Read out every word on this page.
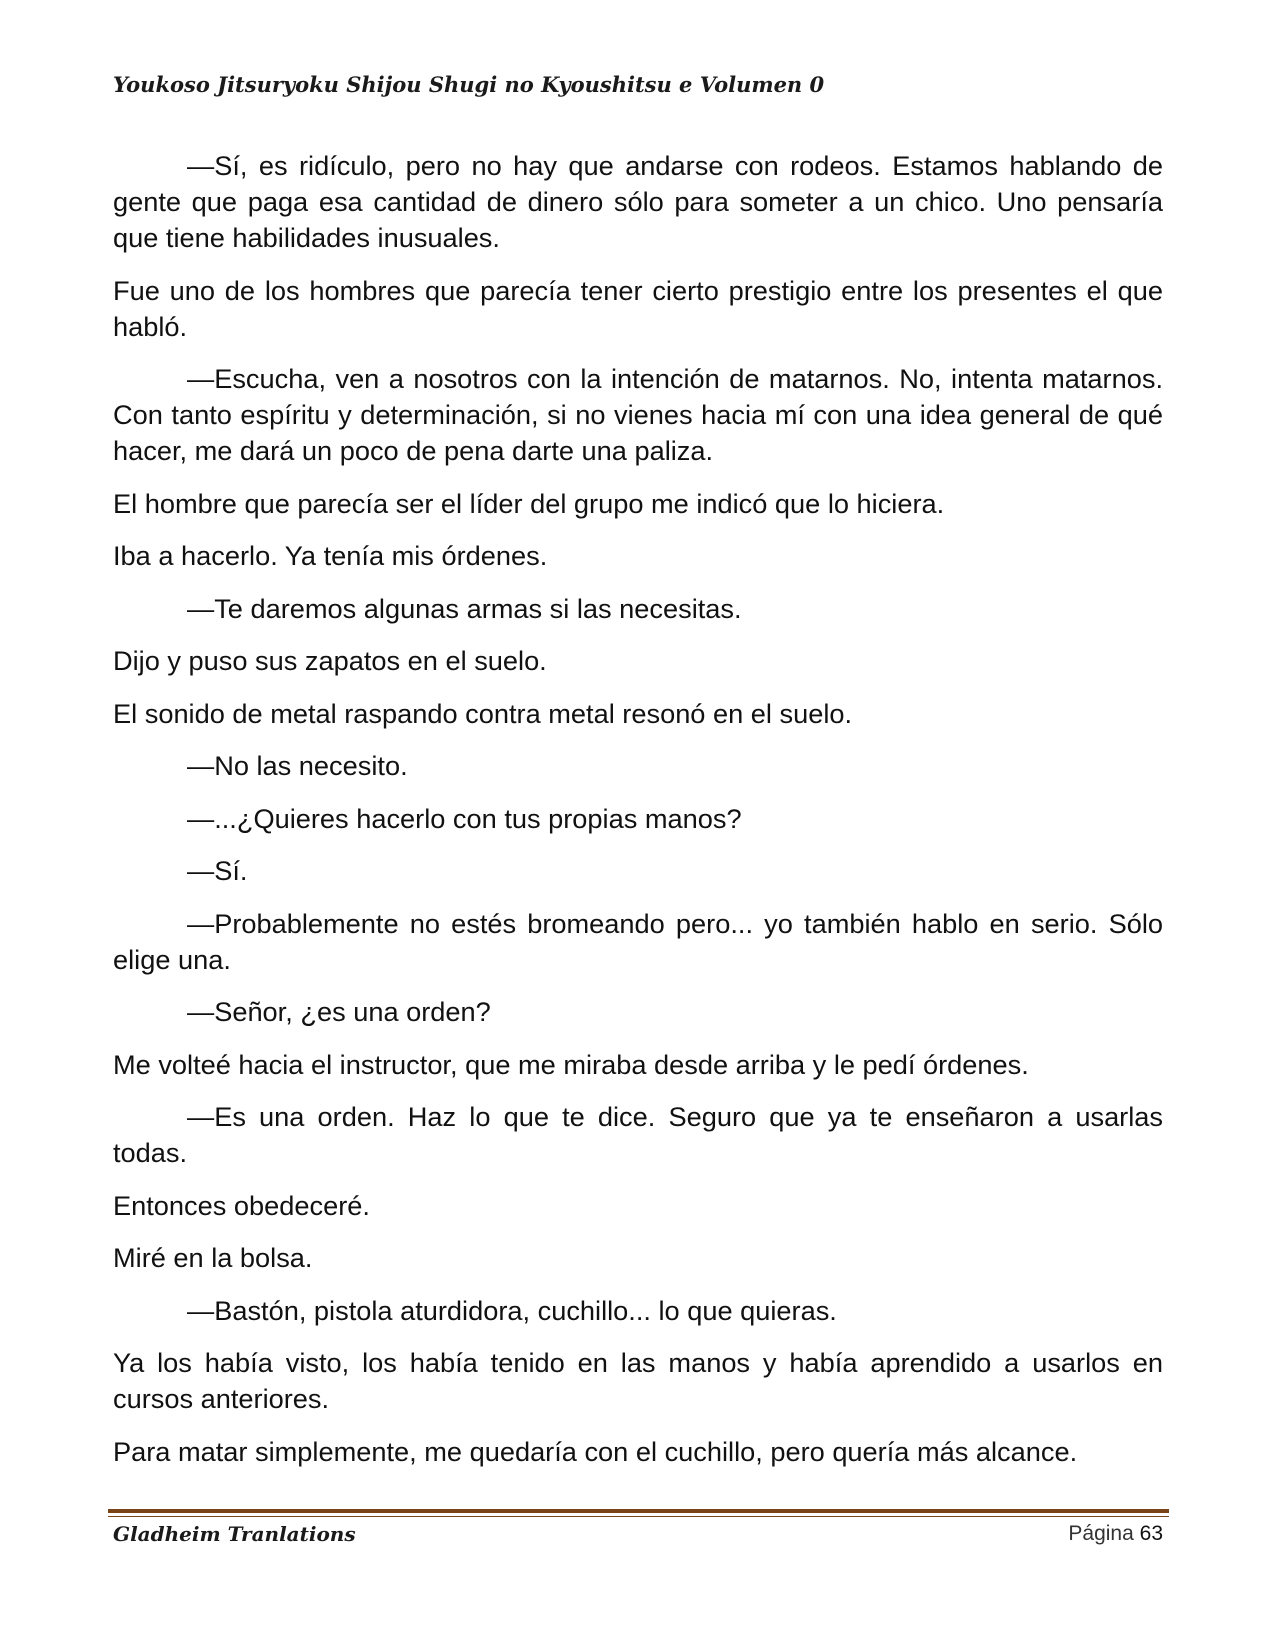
Youkoso Jitsuryoku Shijou Shugi no Kyoushitsu e Volumen 0

—Sí, es ridículo, pero no hay que andarse con rodeos. Estamos hablando de gente que paga esa cantidad de dinero sólo para someter a un chico. Uno pensaría que tiene habilidades inusuales.

Fue uno de los hombres que parecía tener cierto prestigio entre los presentes el que habló.

—Escucha, ven a nosotros con la intención de matarnos. No, intenta matarnos. Con tanto espíritu y determinación, si no vienes hacia mí con una idea general de qué hacer, me dará un poco de pena darte una paliza.

El hombre que parecía ser el líder del grupo me indicó que lo hiciera.

Iba a hacerlo. Ya tenía mis órdenes.

—Te daremos algunas armas si las necesitas.

Dijo y puso sus zapatos en el suelo.

El sonido de metal raspando contra metal resonó en el suelo.

—No las necesito.

—...¿Quieres hacerlo con tus propias manos?

—Sí.

—Probablemente no estés bromeando pero... yo también hablo en serio. Sólo elige una.

—Señor, ¿es una orden?

Me volteé hacia el instructor, que me miraba desde arriba y le pedí órdenes.

—Es una orden. Haz lo que te dice. Seguro que ya te enseñaron a usarlas todas.

Entonces obedeceré.

Miré en la bolsa.

—Bastón, pistola aturdidora, cuchillo... lo que quieras.

Ya los había visto, los había tenido en las manos y había aprendido a usarlos en cursos anteriores.

Para matar simplemente, me quedaría con el cuchillo, pero quería más alcance.

Gladheim Tranlations	Página 63
